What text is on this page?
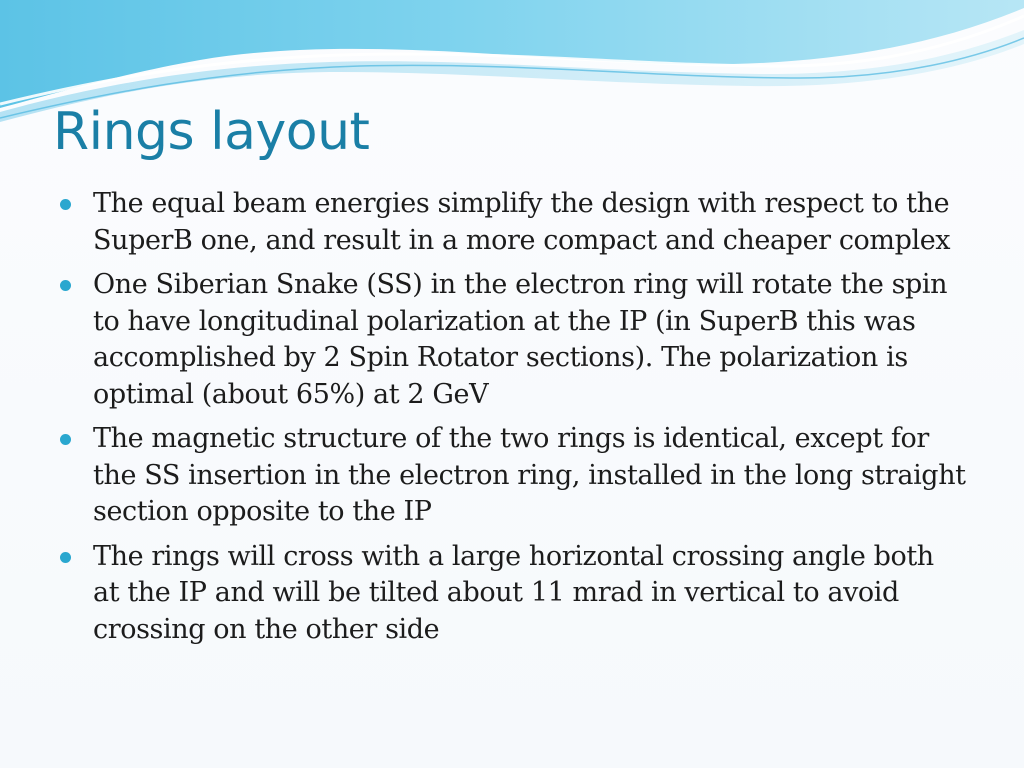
Rings layout
The equal beam energies simplify the design with respect to the SuperB one, and result in a more compact and cheaper complex
One Siberian Snake (SS) in the electron ring will rotate the spin to have longitudinal polarization at the IP (in SuperB this was accomplished by 2 Spin Rotator sections). The polarization is optimal (about 65%) at 2 GeV
The magnetic structure of the two rings is identical, except for the SS insertion in the electron ring, installed in the long straight section opposite to the IP
The rings will cross with a large horizontal crossing angle both at the IP and will be tilted about 11 mrad in vertical to avoid crossing on the other side
